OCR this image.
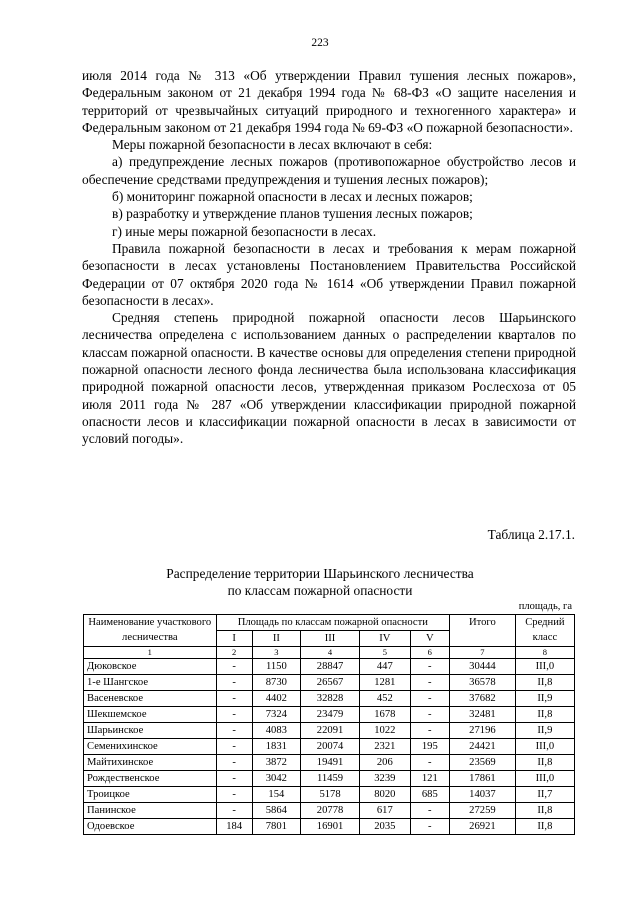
223

июля 2014 года № 313 «Об утверждении Правил тушения лесных пожаров», Федеральным законом от 21 декабря 1994 года № 68-ФЗ «О защите населения и территорий от чрезвычайных ситуаций природного и техногенного характера» и Федеральным законом от 21 декабря 1994 года № 69-ФЗ «О пожарной безопасности».

Меры пожарной безопасности в лесах включают в себя:

а) предупреждение лесных пожаров (противопожарное обустройство лесов и обеспечение средствами предупреждения и тушения лесных пожаров);

б) мониторинг пожарной опасности в лесах и лесных пожаров;

в) разработку и утверждение планов тушения лесных пожаров;

г) иные меры пожарной безопасности в лесах.

Правила пожарной безопасности в лесах и требования к мерам пожарной безопасности в лесах установлены Постановлением Правительства Российской Федерации от 07 октября 2020 года № 1614 «Об утверждении Правил пожарной безопасности в лесах».

Средняя степень природной пожарной опасности лесов Шарьинского лесничества определена с использованием данных о распределении кварталов по классам пожарной опасности. В качестве основы для определения степени природной пожарной опасности лесного фонда лесничества была использована классификация природной пожарной опасности лесов, утвержденная приказом Рослесхоза от 05 июля 2011 года № 287 «Об утверждении классификации природной пожарной опасности лесов и классификации пожарной опасности в лесах в зависимости от условий погоды».

Таблица 2.17.1.
Распределение территории Шарьинского лесничества
по классам пожарной опасности
площадь, га
Наименование участкового лесничества	Площадь по классам пожарной опасности					Итого	Средний класс
	I	II	III	IV	V		
1	2	3	4	5	6	7	8
Дюковское	-	1150	28847	447	-	30444	III,0
1-е Шангское	-	8730	26567	1281	-	36578	II,8
Васеневское	-	4402	32828	452	-	37682	II,9
Шекшемское	-	7324	23479	1678	-	32481	II,8
Шарьинское	-	4083	22091	1022	-	27196	II,9
Семенихинское	-	1831	20074	2321	195	24421	III,0
Майтихинское	-	3872	19491	206	-	23569	II,8
Рождественское	-	3042	11459	3239	121	17861	III,0
Троицкое	-	154	5178	8020	685	14037	II,7
Панинское	-	5864	20778	617	-	27259	II,8
Одоевское	184	7801	16901	2035	-	26921	II,8
